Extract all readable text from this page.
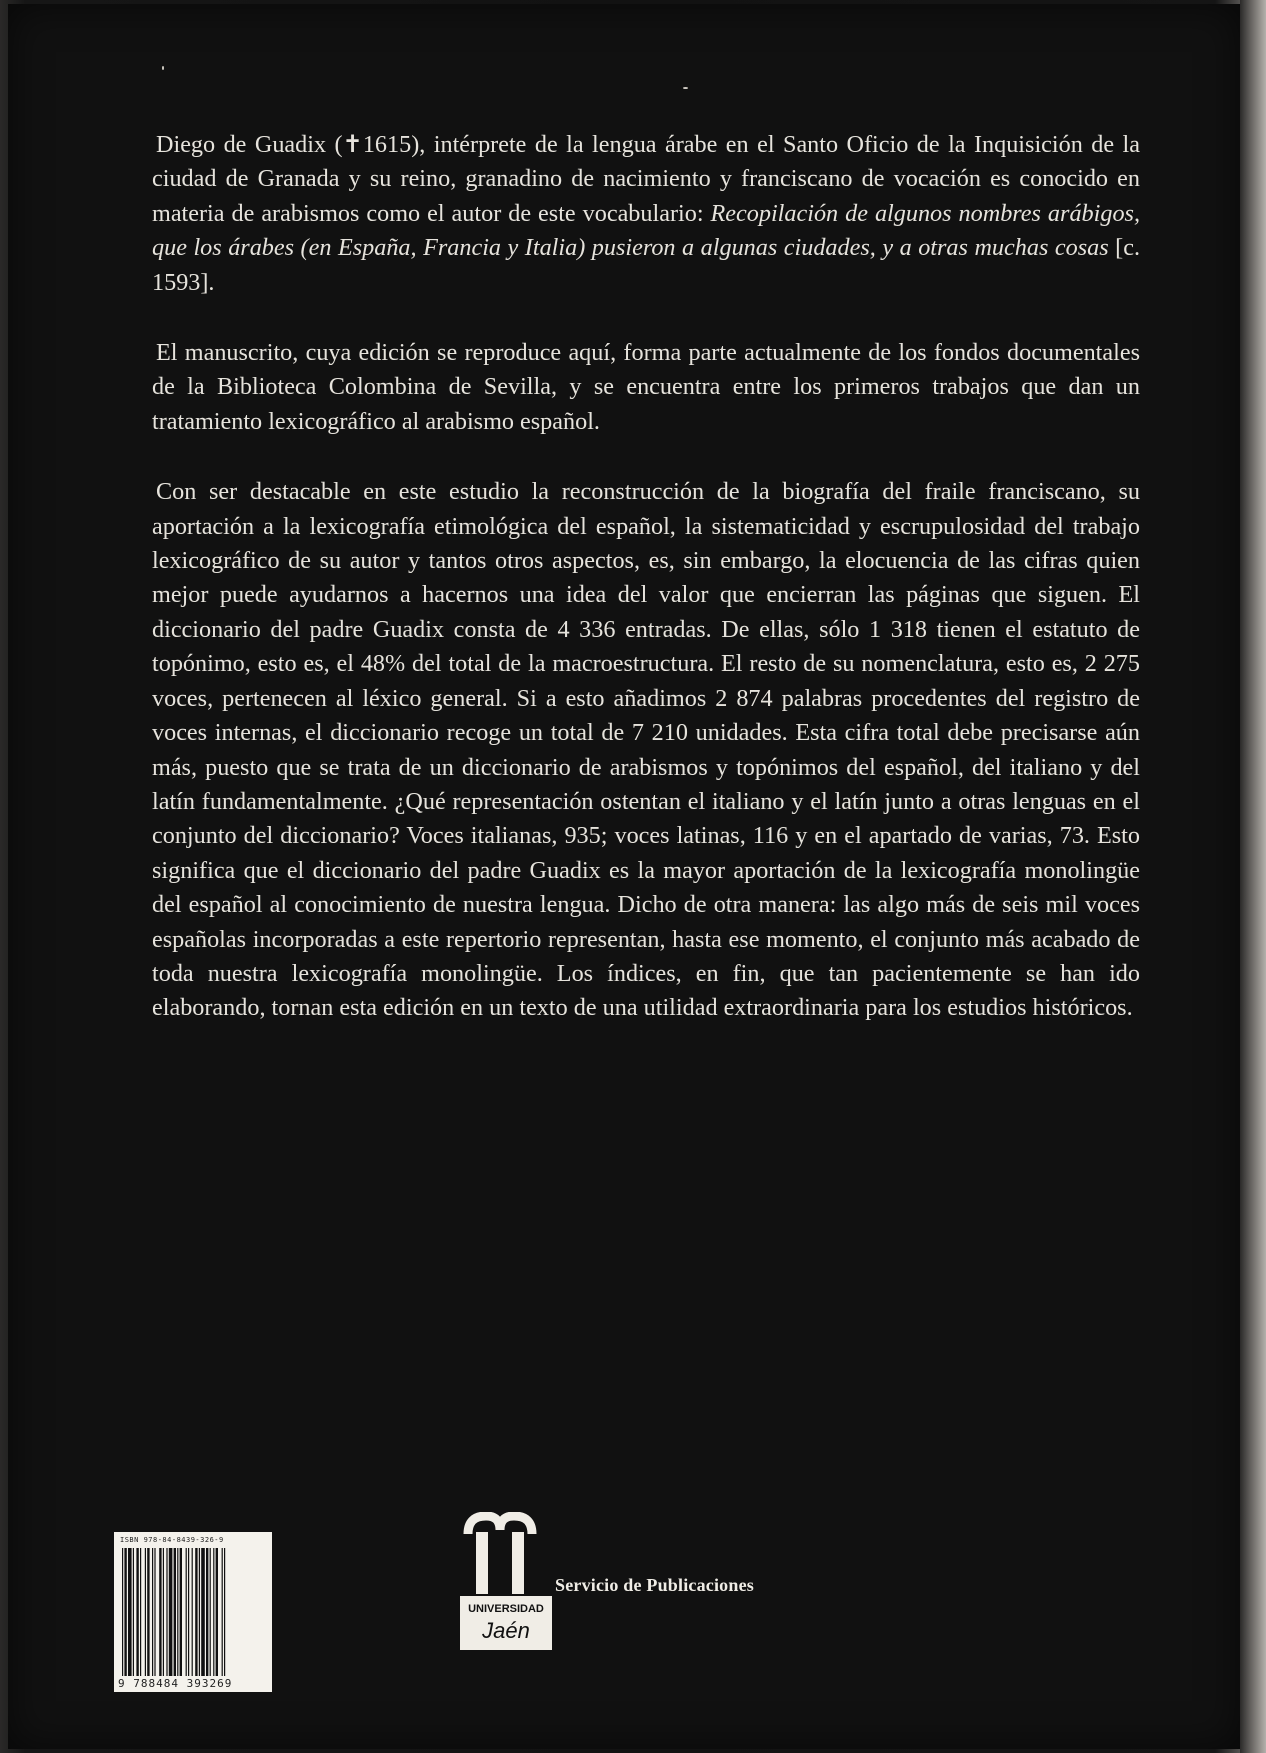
Diego de Guadix (✝1615), intérprete de la lengua árabe en el Santo Oficio de la Inquisición de la ciudad de Granada y su reino, granadino de nacimiento y franciscano de vocación es conocido en materia de arabismos como el autor de este vocabulario: Recopilación de algunos nombres arábigos, que los árabes (en España, Francia y Italia) pusieron a algunas ciudades, y a otras muchas cosas [c. 1593].

El manuscrito, cuya edición se reproduce aquí, forma parte actualmente de los fondos documentales de la Biblioteca Colombina de Sevilla, y se encuentra entre los primeros trabajos que dan un tratamiento lexicográfico al arabismo español.

Con ser destacable en este estudio la reconstrucción de la biografía del fraile franciscano, su aportación a la lexicografía etimológica del español, la sistematicidad y escrupulosidad del trabajo lexicográfico de su autor y tantos otros aspectos, es, sin embargo, la elocuencia de las cifras quien mejor puede ayudarnos a hacernos una idea del valor que encierran las páginas que siguen. El diccionario del padre Guadix consta de 4 336 entradas. De ellas, sólo 1 318 tienen el estatuto de topónimo, esto es, el 48% del total de la macroestructura. El resto de su nomenclatura, esto es, 2 275 voces, pertenecen al léxico general. Si a esto añadimos 2 874 palabras procedentes del registro de voces internas, el diccionario recoge un total de 7 210 unidades. Esta cifra total debe precisarse aún más, puesto que se trata de un diccionario de arabismos y topónimos del español, del italiano y del latín fundamentalmente. ¿Qué representación ostentan el italiano y el latín junto a otras lenguas en el conjunto del diccionario? Voces italianas, 935; voces latinas, 116 y en el apartado de varias, 73. Esto significa que el diccionario del padre Guadix es la mayor aportación de la lexicografía monolingüe del español al conocimiento de nuestra lengua. Dicho de otra manera: las algo más de seis mil voces españolas incorporadas a este repertorio representan, hasta ese momento, el conjunto más acabado de toda nuestra lexicografía monolingüe. Los índices, en fin, que tan pacientemente se han ido elaborando, tornan esta edición en un texto de una utilidad extraordinaria para los estudios históricos.

ISBN 978-84-8439-326-9
9 788484 393269
UNIVERSIDAD
Jaén
Servicio de Publicaciones
